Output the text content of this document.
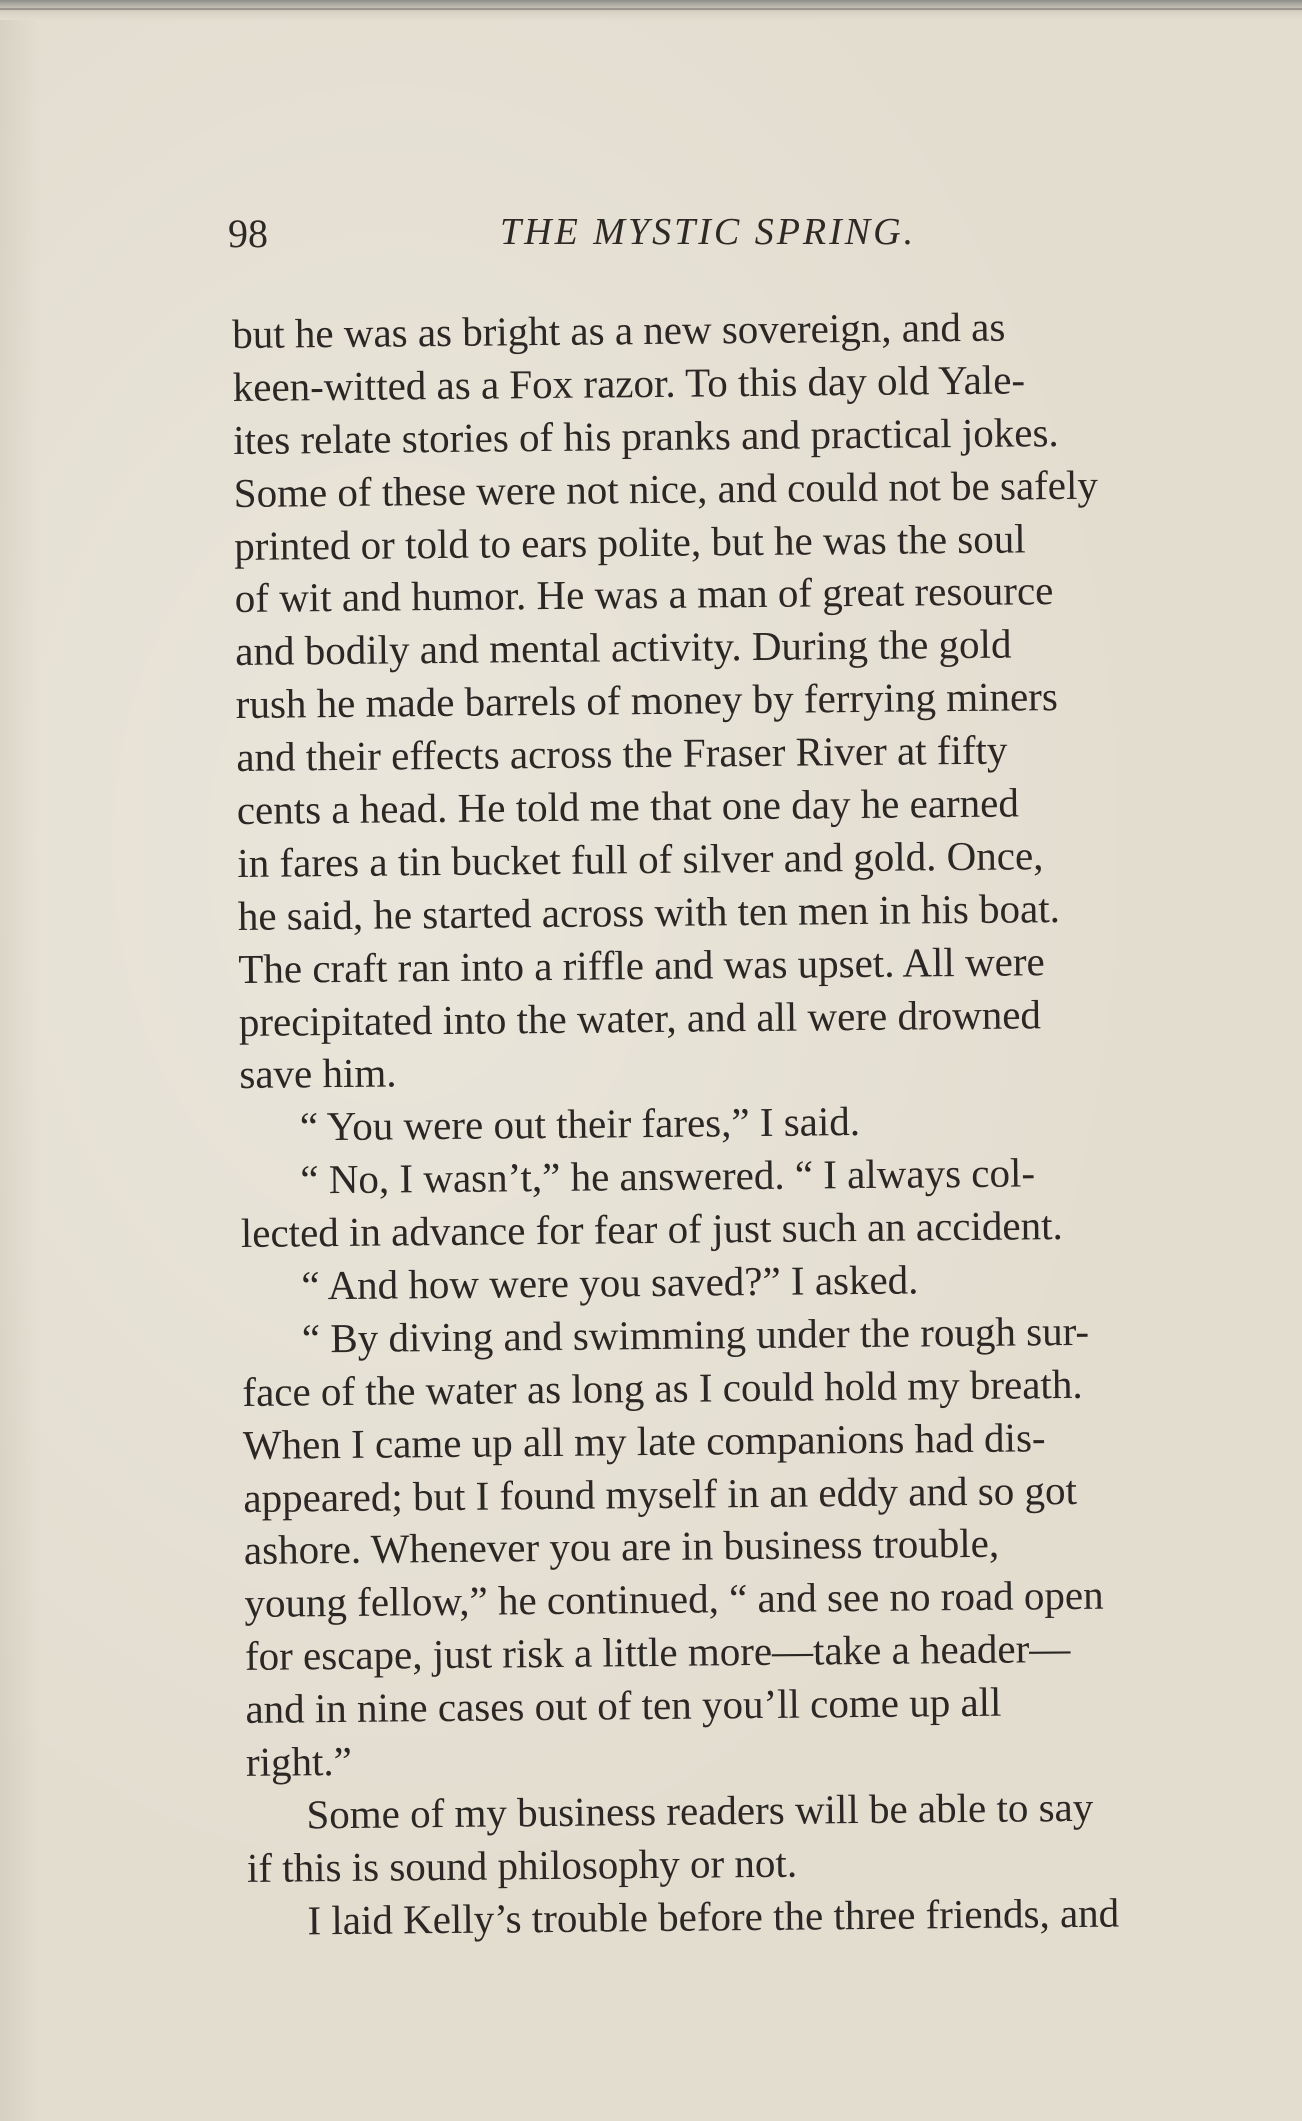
98	THE MYSTIC SPRING.
but he was as bright as a new sovereign, and as
keen-witted as a Fox razor. To this day old Yale-
ites relate stories of his pranks and practical jokes.
Some of these were not nice, and could not be safely
printed or told to ears polite, but he was the soul
of wit and humor. He was a man of great resource
and bodily and mental activity. During the gold
rush he made barrels of money by ferrying miners
and their effects across the Fraser River at fifty
cents a head. He told me that one day he earned
in fares a tin bucket full of silver and gold. Once,
he said, he started across with ten men in his boat.
The craft ran into a riffle and was upset. All were
precipitated into the water, and all were drowned
save him.
“ You were out their fares,” I said.
“ No, I wasn’t,” he answered. “ I always col-
lected in advance for fear of just such an accident.
“ And how were you saved?” I asked.
“ By diving and swimming under the rough sur-
face of the water as long as I could hold my breath.
When I came up all my late companions had dis-
appeared; but I found myself in an eddy and so got
ashore. Whenever you are in business trouble,
young fellow,” he continued, “ and see no road open
for escape, just risk a little more—take a header—
and in nine cases out of ten you’ll come up all
right.”
Some of my business readers will be able to say
if this is sound philosophy or not.
I laid Kelly’s trouble before the three friends, and
